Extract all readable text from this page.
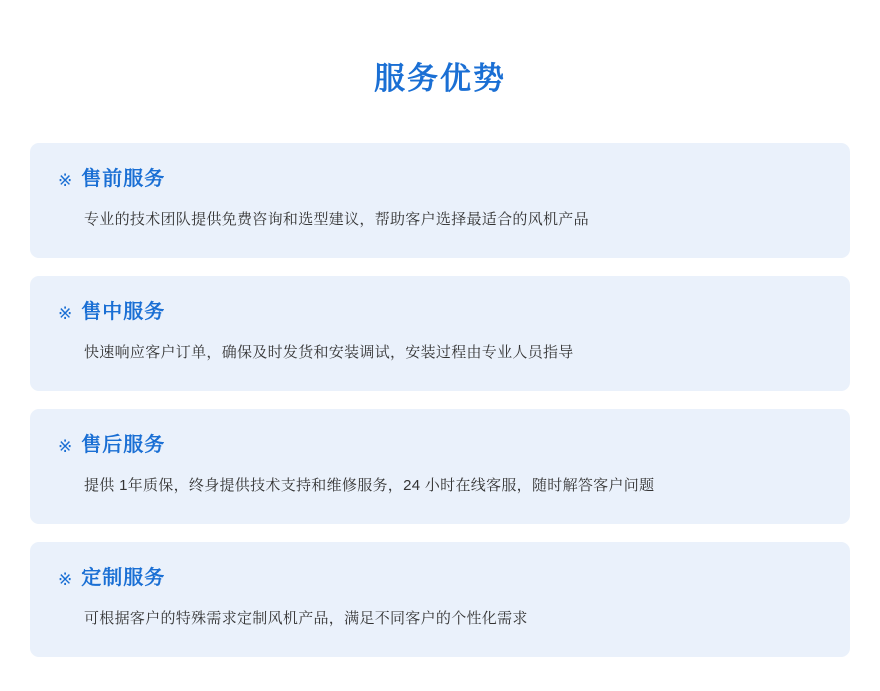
服务优势
※ 售前服务
专业的技术团队提供免费咨询和选型建议，帮助客户选择最适合的风机产品
※ 售中服务
快速响应客户订单，确保及时发货和安装调试，安装过程由专业人员指导
※ 售后服务
提供 1年质保，终身提供技术支持和维修服务，24 小时在线客服，随时解答客户问题
※ 定制服务
可根据客户的特殊需求定制风机产品，满足不同客户的个性化需求
